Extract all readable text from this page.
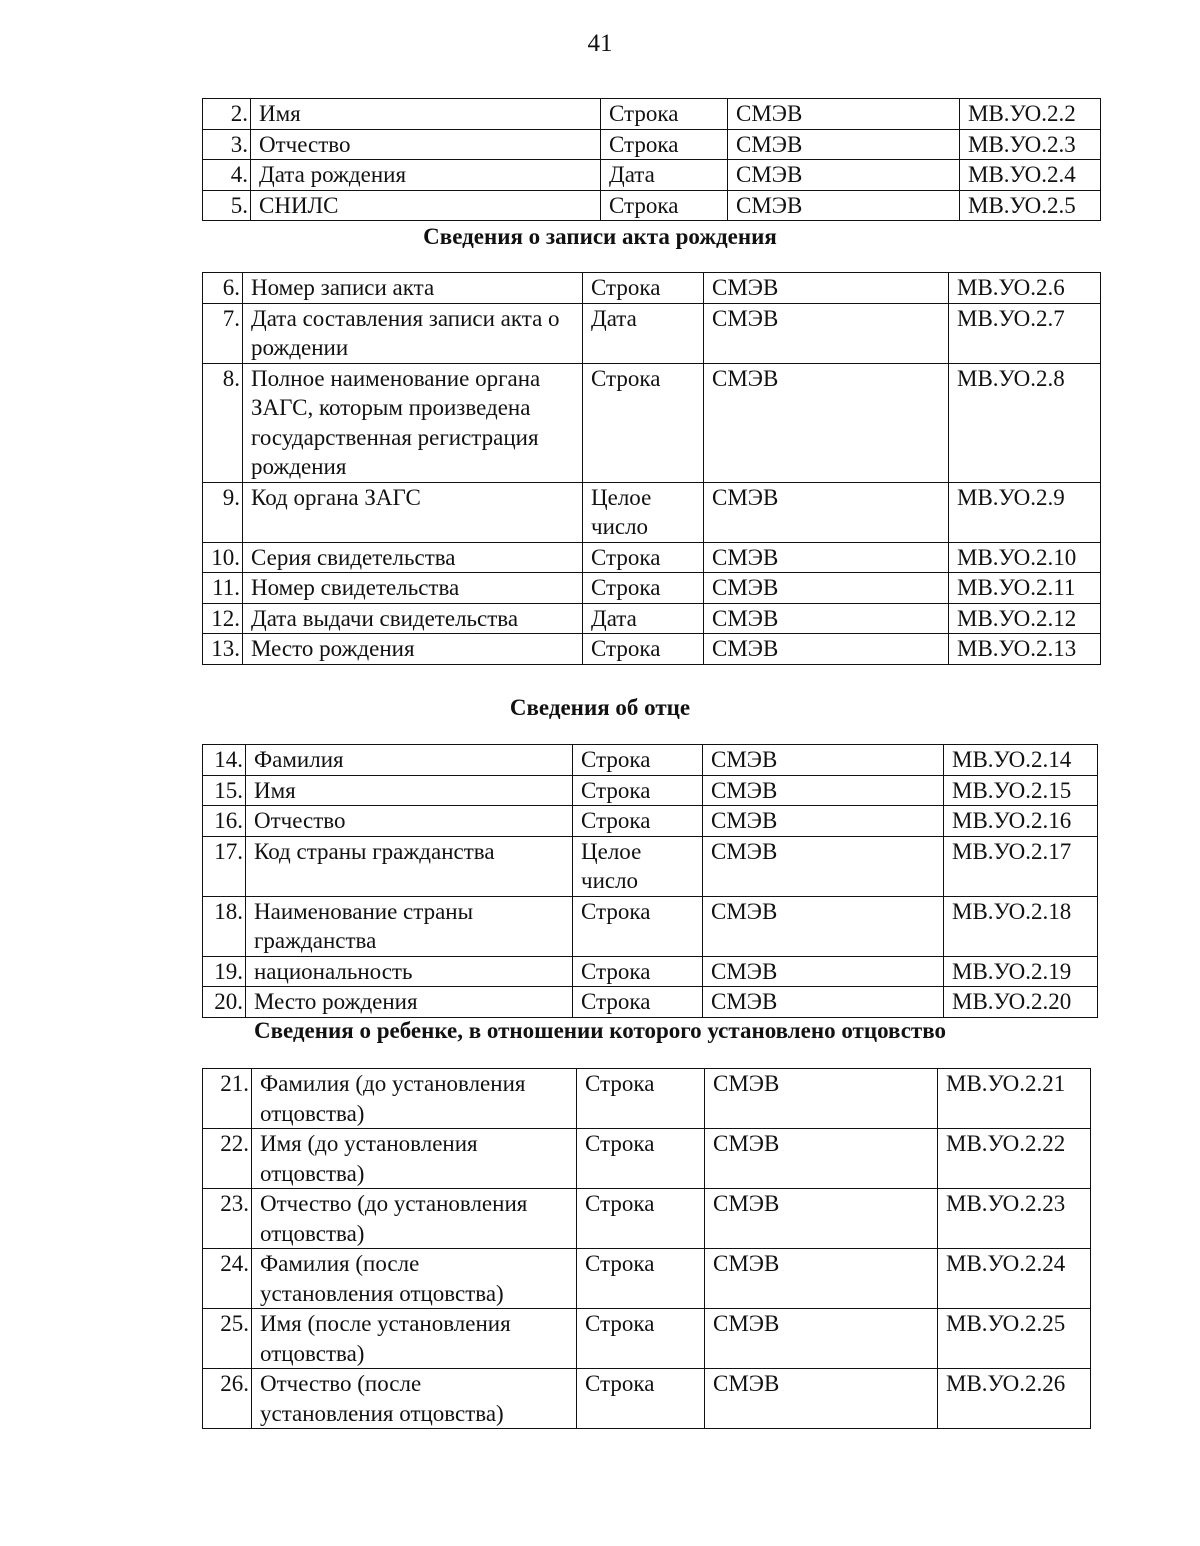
41
2.	Имя	Строка	СМЭВ	МВ.УО.2.2
3.	Отчество	Строка	СМЭВ	МВ.УО.2.3
4.	Дата рождения	Дата	СМЭВ	МВ.УО.2.4
5.	СНИЛС	Строка	СМЭВ	МВ.УО.2.5
Сведения о записи акта рождения
6.	Номер записи акта	Строка	СМЭВ	МВ.УО.2.6
7.	Дата составления записи акта о рождении	Дата	СМЭВ	МВ.УО.2.7
8.	Полное наименование органа ЗАГС, которым произведена государственная регистрация рождения	Строка	СМЭВ	МВ.УО.2.8
9.	Код органа ЗАГС	Целое число	СМЭВ	МВ.УО.2.9
10.	Серия свидетельства	Строка	СМЭВ	МВ.УО.2.10
11.	Номер свидетельства	Строка	СМЭВ	МВ.УО.2.11
12.	Дата выдачи свидетельства	Дата	СМЭВ	МВ.УО.2.12
13.	Место рождения	Строка	СМЭВ	МВ.УО.2.13
Сведения об отце
14.	Фамилия	Строка	СМЭВ	МВ.УО.2.14
15.	Имя	Строка	СМЭВ	МВ.УО.2.15
16.	Отчество	Строка	СМЭВ	МВ.УО.2.16
17.	Код страны гражданства	Целое число	СМЭВ	МВ.УО.2.17
18.	Наименование страны гражданства	Строка	СМЭВ	МВ.УО.2.18
19.	национальность	Строка	СМЭВ	МВ.УО.2.19
20.	Место рождения	Строка	СМЭВ	МВ.УО.2.20
Сведения о ребенке, в отношении которого установлено отцовство
21.	Фамилия (до установления отцовства)	Строка	СМЭВ	МВ.УО.2.21
22.	Имя (до установления отцовства)	Строка	СМЭВ	МВ.УО.2.22
23.	Отчество (до установления отцовства)	Строка	СМЭВ	МВ.УО.2.23
24.	Фамилия (после установления отцовства)	Строка	СМЭВ	МВ.УО.2.24
25.	Имя (после установления отцовства)	Строка	СМЭВ	МВ.УО.2.25
26.	Отчество (после установления отцовства)	Строка	СМЭВ	МВ.УО.2.26
